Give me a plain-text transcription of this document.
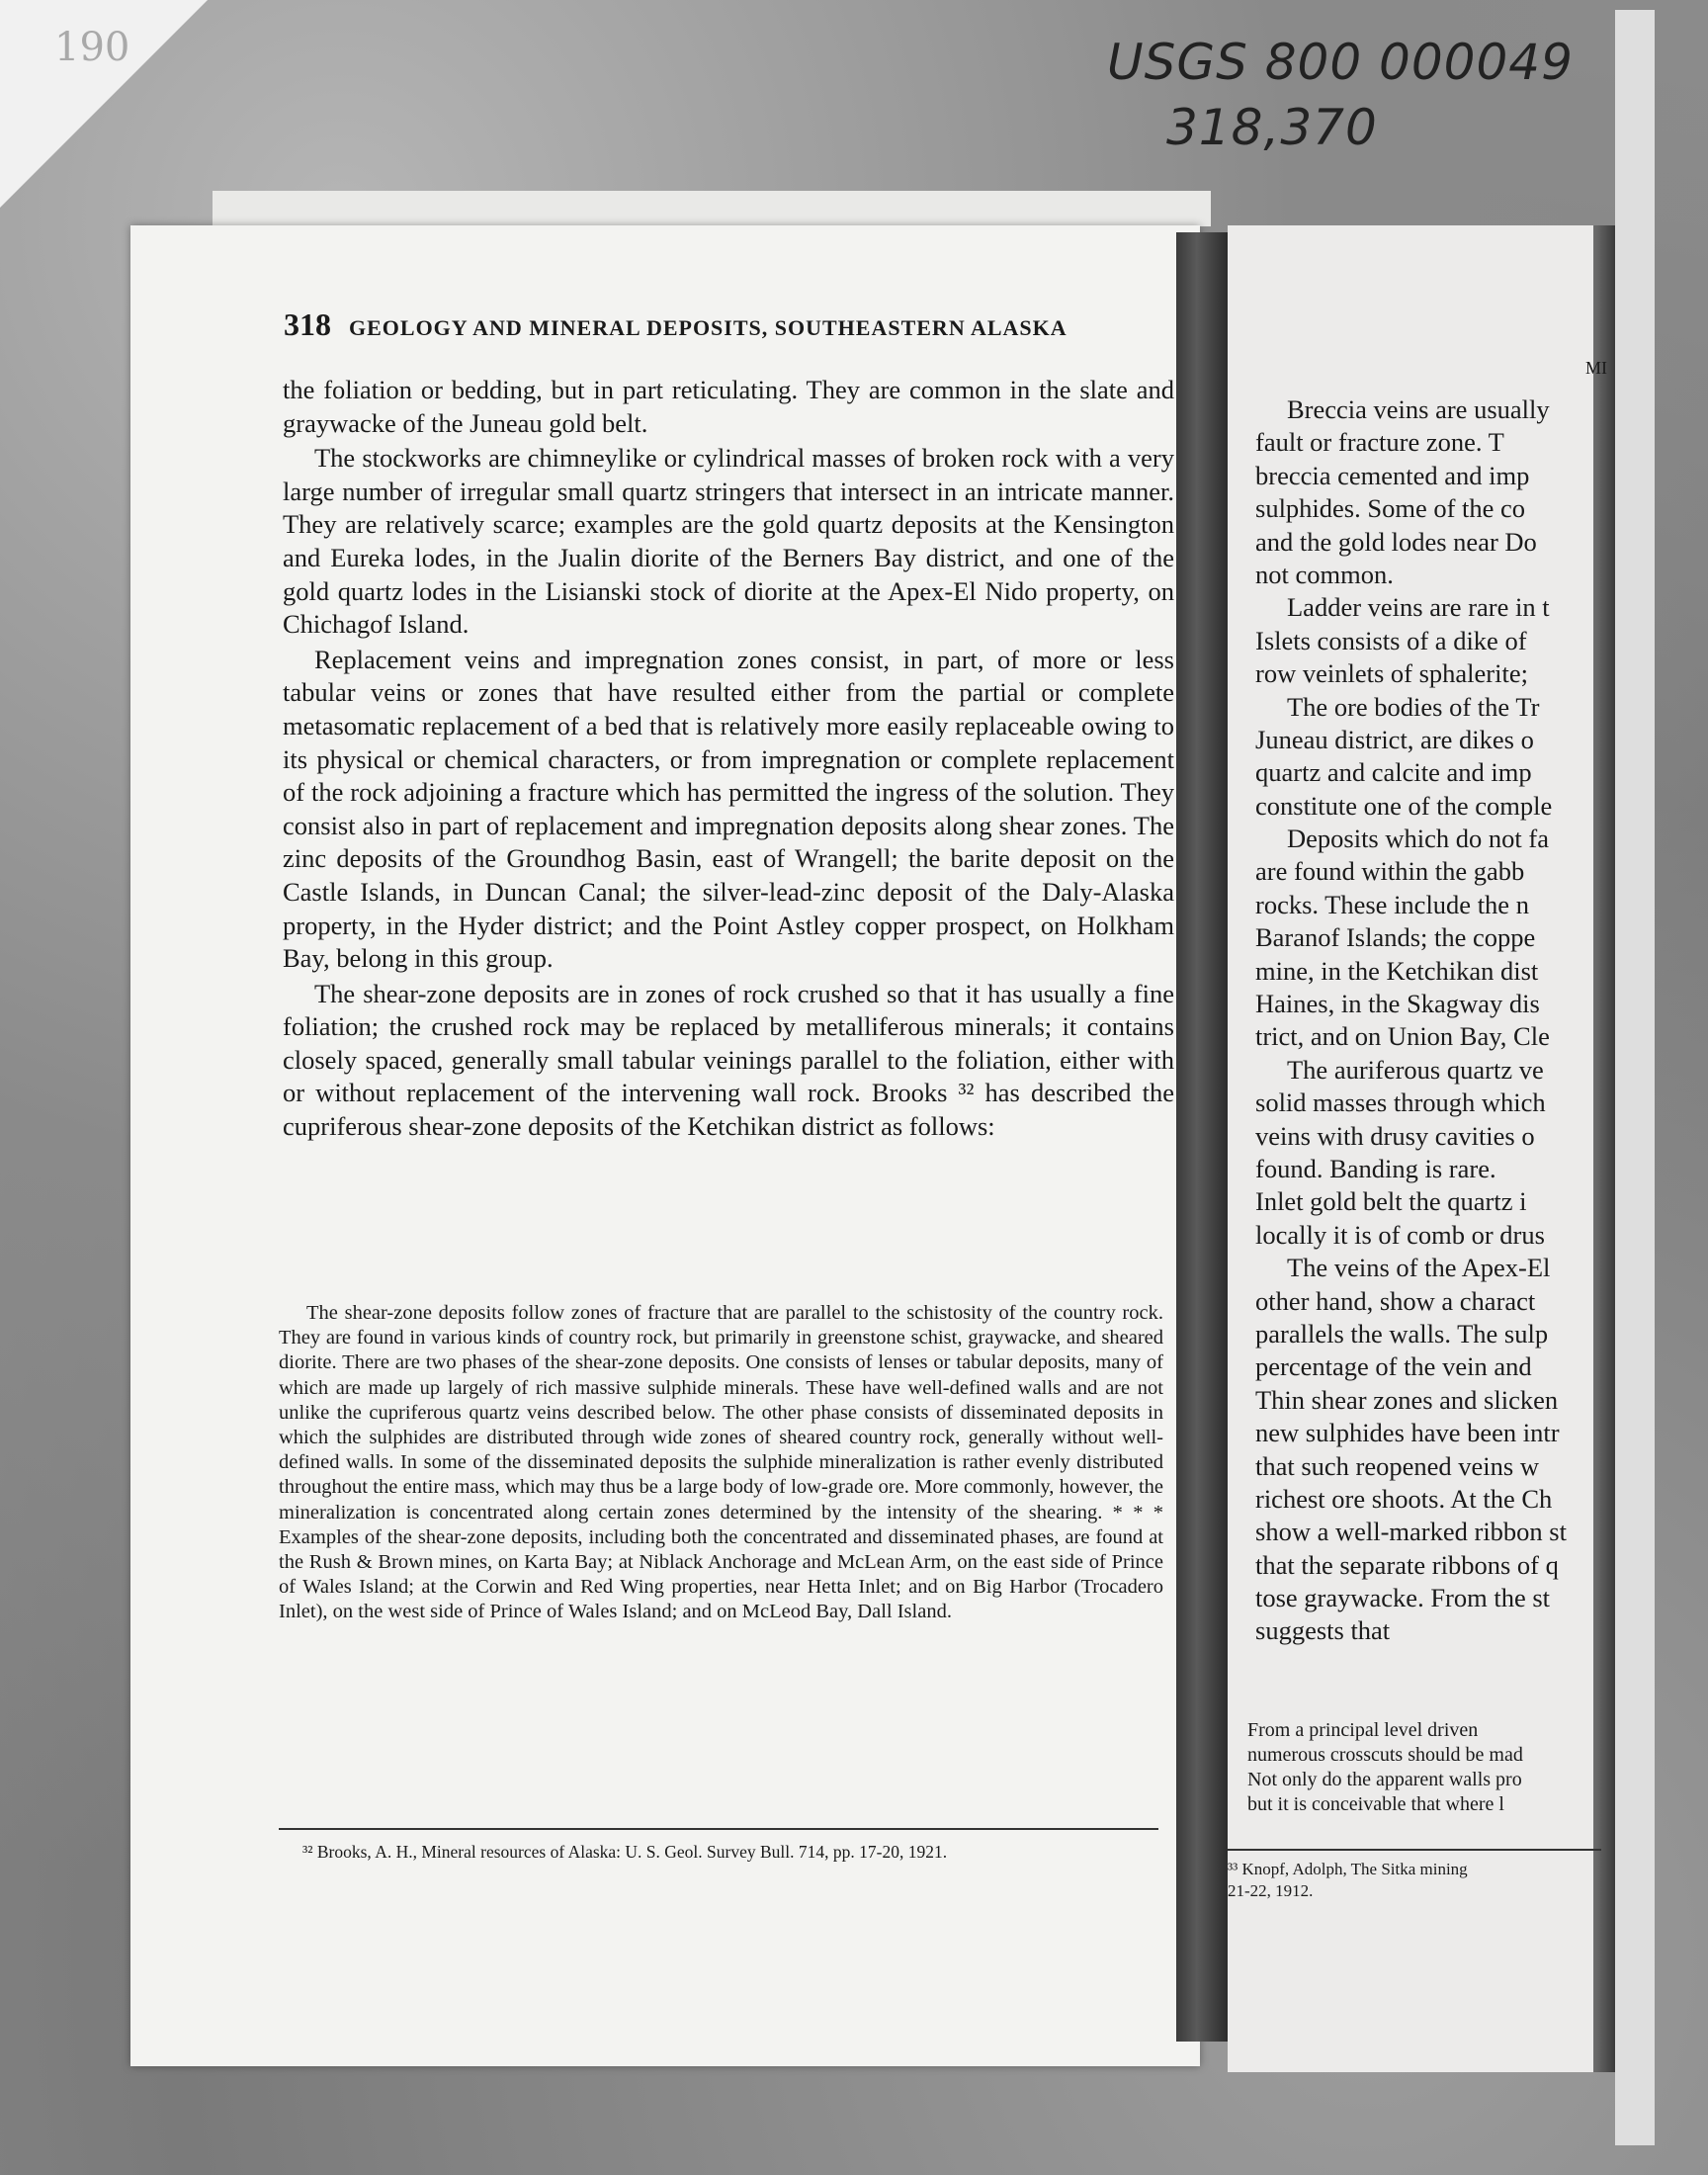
190	USGS 800 000049
318,370
318 GEOLOGY AND MINERAL DEPOSITS, SOUTHEASTERN ALASKA

the foliation or bedding, but in part reticulating. They are common in the slate and graywacke of the Juneau gold belt.

The stockworks are chimneylike or cylindrical masses of broken rock with a very large number of irregular small quartz stringers that intersect in an intricate manner. They are relatively scarce; examples are the gold quartz deposits at the Kensington and Eureka lodes, in the Jualin diorite of the Berners Bay district, and one of the gold quartz lodes in the Lisianski stock of diorite at the Apex-El Nido property, on Chichagof Island.

Replacement veins and impregnation zones consist, in part, of more or less tabular veins or zones that have resulted either from the partial or complete metasomatic replacement of a bed that is relatively more easily replaceable owing to its physical or chemical characters, or from impregnation or complete replacement of the rock adjoining a fracture which has permitted the ingress of the solution. They consist also in part of replacement and impregnation deposits along shear zones. The zinc deposits of the Groundhog Basin, east of Wrangell; the barite deposit on the Castle Islands, in Duncan Canal; the silver-lead-zinc deposit of the Daly-Alaska property, in the Hyder district; and the Point Astley copper prospect, on Holkham Bay, belong in this group.

The shear-zone deposits are in zones of rock crushed so that it has usually a fine foliation; the crushed rock may be replaced by metalliferous minerals; it contains closely spaced, generally small tabular veinings parallel to the foliation, either with or without replacement of the intervening wall rock. Brooks ³² has described the cupriferous shear-zone deposits of the Ketchikan district as follows:

The shear-zone deposits follow zones of fracture that are parallel to the schistosity of the country rock. They are found in various kinds of country rock, but primarily in greenstone schist, graywacke, and sheared diorite. There are two phases of the shear-zone deposits. One consists of lenses or tabular deposits, many of which are made up largely of rich massive sulphide minerals. These have well-defined walls and are not unlike the cupriferous quartz veins described below. The other phase consists of disseminated deposits in which the sulphides are distributed through wide zones of sheared country rock, generally without well-defined walls. In some of the disseminated deposits the sulphide mineralization is rather evenly distributed throughout the entire mass, which may thus be a large body of low-grade ore. More commonly, however, the mineralization is concentrated along certain zones determined by the intensity of the shearing. * * * Examples of the shear-zone deposits, including both the concentrated and disseminated phases, are found at the Rush & Brown mines, on Karta Bay; at Niblack Anchorage and McLean Arm, on the east side of Prince of Wales Island; at the Corwin and Red Wing properties, near Hetta Inlet; and on Big Harbor (Trocadero Inlet), on the west side of Prince of Wales Island; and on McLeod Bay, Dall Island.
³² Brooks, A. H., Mineral resources of Alaska: U. S. Geol. Survey Bull. 714, pp. 17-20, 1921.
MI
Breccia veins are usually
fault or fracture zone. T
breccia cemented and imp
sulphides. Some of the co
and the gold lodes near Do
not common.
Ladder veins are rare in t
Islets consists of a dike of
row veinlets of sphalerite;
The ore bodies of the Tr
Juneau district, are dikes o
quartz and calcite and imp
constitute one of the comple
Deposits which do not fa
are found within the gabb
rocks. These include the n
Baranof Islands; the coppe
mine, in the Ketchikan dist
Haines, in the Skagway dis
trict, and on Union Bay, Cle
The auriferous quartz ve
solid masses through which
veins with drusy cavities o
found. Banding is rare.
Inlet gold belt the quartz i
locally it is of comb or drus
The veins of the Apex-El
other hand, show a charact
parallels the walls. The sulp
percentage of the vein and
Thin shear zones and slicken
new sulphides have been intr
that such reopened veins w
richest ore shoots. At the Ch
show a well-marked ribbon st
that the separate ribbons of q
tose graywacke. From the st
suggests that
From a principal level driven
numerous crosscuts should be mad
Not only do the apparent walls pro
but it is conceivable that where l
³³ Knopf, Adolph, The Sitka mining
21-22, 1912.
